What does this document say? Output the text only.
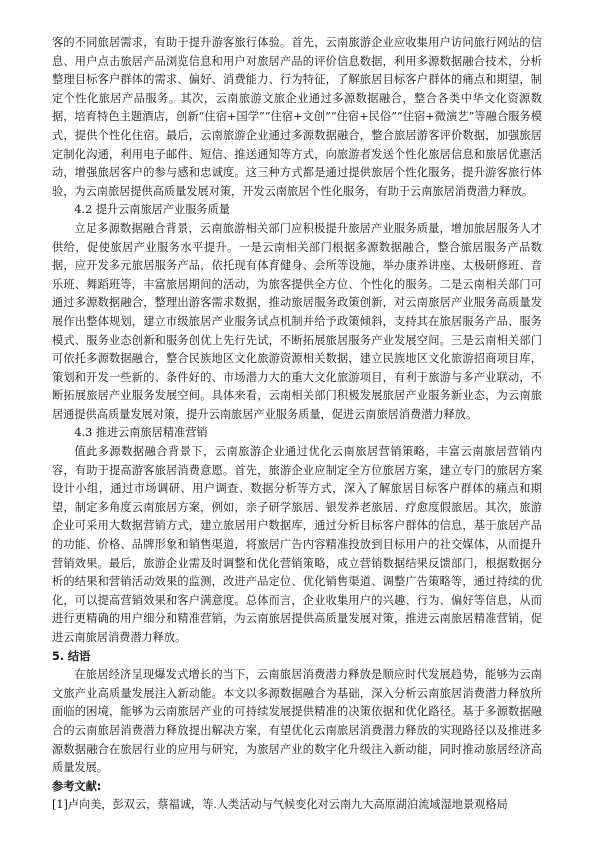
客的不同旅居需求，有助于提升游客旅行体验。首先，云南旅游企业应收集用户访问旅行网站的信息、用户点击旅居产品浏览信息和用户对旅居产品的评价信息数据，利用多源数据融合技术，分析整理目标客户群体的需求、偏好、消费能力、行为特征，了解旅居目标客户群体的痛点和期望，制定个性化旅居产品服务。其次，云南旅游文旅企业通过多源数据融合，整合各类中华文化资源数据，培育特色主题酒店，创新“住宿+国学”“住宿+文创”“住宿+民俗”“住宿+微演艺”等融合服务模式，提供个性化住宿。最后，云南旅游企业通过多源数据融合，整合旅居游客评价数据，加强旅居定制化沟通，利用电子邮件、短信、推送通知等方式，向旅游者发送个性化旅居信息和旅居优惠活动，增强旅居客户的参与感和忠诚度。这三种方式都是通过提供旅居个性化服务，提升游客旅行体验，为云南旅居提供高质量发展对策，开发云南旅居个性化服务，有助于云南旅居消费潜力释放。

4.2 提升云南旅居产业服务质量

立足多源数据融合背景，云南旅游相关部门应积极提升旅居产业服务质量，增加旅居服务人才供给，促使旅居产业服务水平提升。一是云南相关部门根据多源数据融合，整合旅居服务产品数据，应开发多元旅居服务产品，依托现有体育健身、会所等设施，举办康养讲座、太极研修班、音乐班、舞蹈班等，丰富旅居期间的活动，为旅客提供全方位、个性化的服务。二是云南相关部门可通过多源数据融合，整理出游客需求数据，推动旅居服务政策创新，对云南旅居产业服务高质量发展作出整体规划，建立市级旅居产业服务试点机制并给予政策倾斜，支持其在旅居服务产品、服务模式、服务业态创新和服务创优上先行先试，不断拓展旅居服务产业发展空间。三是云南相关部门可依托多源数据融合，整合民族地区文化旅游资源相关数据，建立民族地区文化旅游招商项目库，策划和开发一些新的、条件好的、市场潜力大的重大文化旅游项目，有利于旅游与多产业联动，不断拓展旅居产业服务发展空间。具体来看，云南相关部门积极发展旅居产业服务新业态，为云南旅居通提供高质量发展对策，提升云南旅居产业服务质量，促进云南旅居消费潜力释放。

4.3 推进云南旅居精准营销

值此多源数据融合背景下，云南旅游企业通过优化云南旅居营销策略，丰富云南旅居营销内容，有助于提高游客旅居消费意愿。首先，旅游企业应制定全方位旅居方案，建立专门的旅居方案设计小组，通过市场调研、用户调查、数据分析等方式，深入了解旅居目标客户群体的痛点和期望，制定多角度云南旅居方案，例如，亲子研学旅居、银发养老旅居、疗愈度假旅居。其次，旅游企业可采用大数据营销方式，建立旅居用户数据库，通过分析目标客户群体的信息，基于旅居产品的功能、价格、品牌形象和销售渠道，将旅居广告内容精准投放到目标用户的社交媒体，从而提升营销效果。最后，旅游企业需及时调整和优化营销策略，成立营销数据结果反馈部门，根据数据分析的结果和营销活动效果的监测，改进产品定位、优化销售渠道、调整广告策略等，通过持续的优化，可以提高营销效果和客户满意度。总体而言，企业收集用户的兴趣、行为、偏好等信息，从而进行更精确的用户细分和精准营销，为云南旅居提供高质量发展对策，推进云南旅居精准营销，促进云南旅居消费潜力释放。

5. 结语

在旅居经济呈现爆发式增长的当下，云南旅居消费潜力释放是顺应时代发展趋势，能够为云南文旅产业高质量发展注入新动能。本文以多源数据融合为基础，深入分析云南旅居消费潜力释放所面临的困境，能够为云南旅居产业的可持续发展提供精准的决策依据和优化路径。基于多源数据融合的云南旅居消费潜力释放提出解决方案，有望优化云南旅居消费潜力释放的实现路径以及推进多源数据融合在旅居行业的应用与研究，为旅居产业的数字化升级注入新动能，同时推动旅居经济高质量发展。

参考文献:

[1]卢向美，彭双云，蔡福诚，等.人类活动与气候变化对云南九大高原湖泊流域湿地景观格局
